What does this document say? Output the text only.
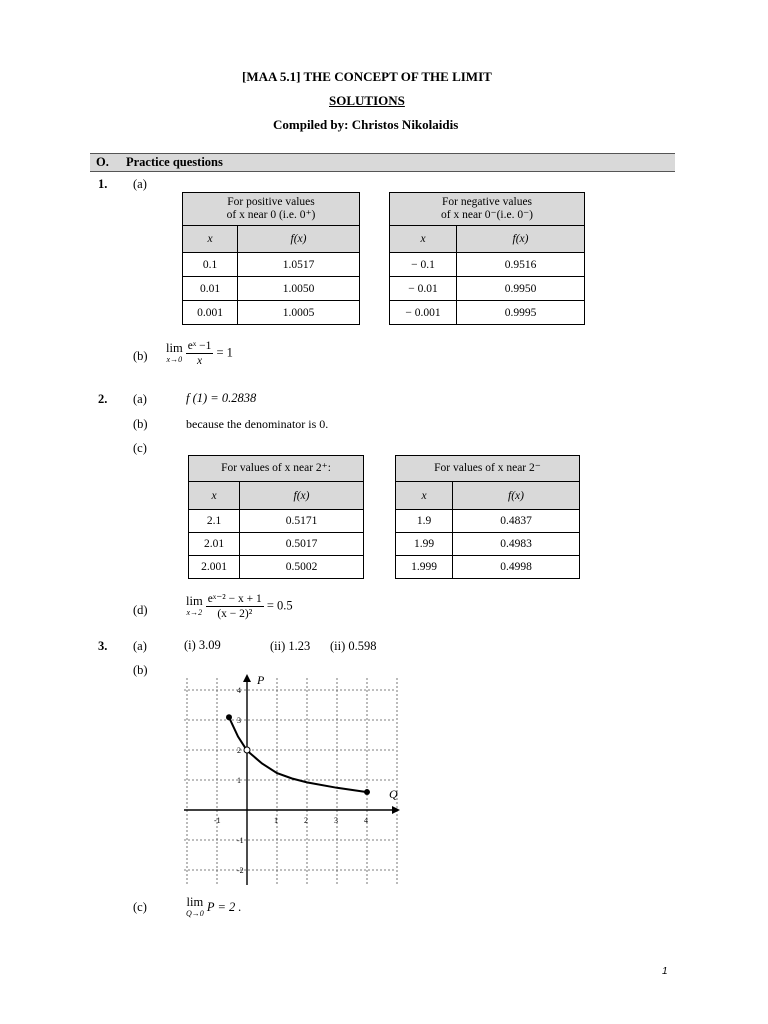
[MAA 5.1] THE CONCEPT OF THE LIMIT
SOLUTIONS
Compiled by: Christos Nikolaidis
O. Practice questions
1. (a)
For positive values
of x near 0 (i.e. 0⁺)	

x	f(x)
0.1	1.0517
0.01	1.0050
0.001	1.0005
For negative values
of x near 0⁻(i.e. 0⁻)	

x	f(x)
− 0.1	0.9516
− 0.01	0.9950
− 0.001	0.9995
(b)
lim
x→0
$\frac{\text{eˣ −1}}{x} = 1$
2. (a)	f (1) = 0.2838
(b)	because the denominator is 0.
(c)
For values of x near 2⁺:	
x	f(x)
2.1	0.5171
2.01	0.5017
2.001	0.5002
For values of x near 2⁻	
x	f(x)
1.9	0.4837
1.99	0.4983
1.999	0.4998
(d)
lim
x→2
$\frac{\text{eˣ⁻² − x + 1}}{\text{(x − 2)²}} = 0.5$
3. (a)	(i) 3.09	(ii) 1.23 (ii) 0.598
(b)
-1	1	2	3	4
4
3
2
1
-1
-2
Q
P
(c)	lim
Q→0 P = 2 .
1
